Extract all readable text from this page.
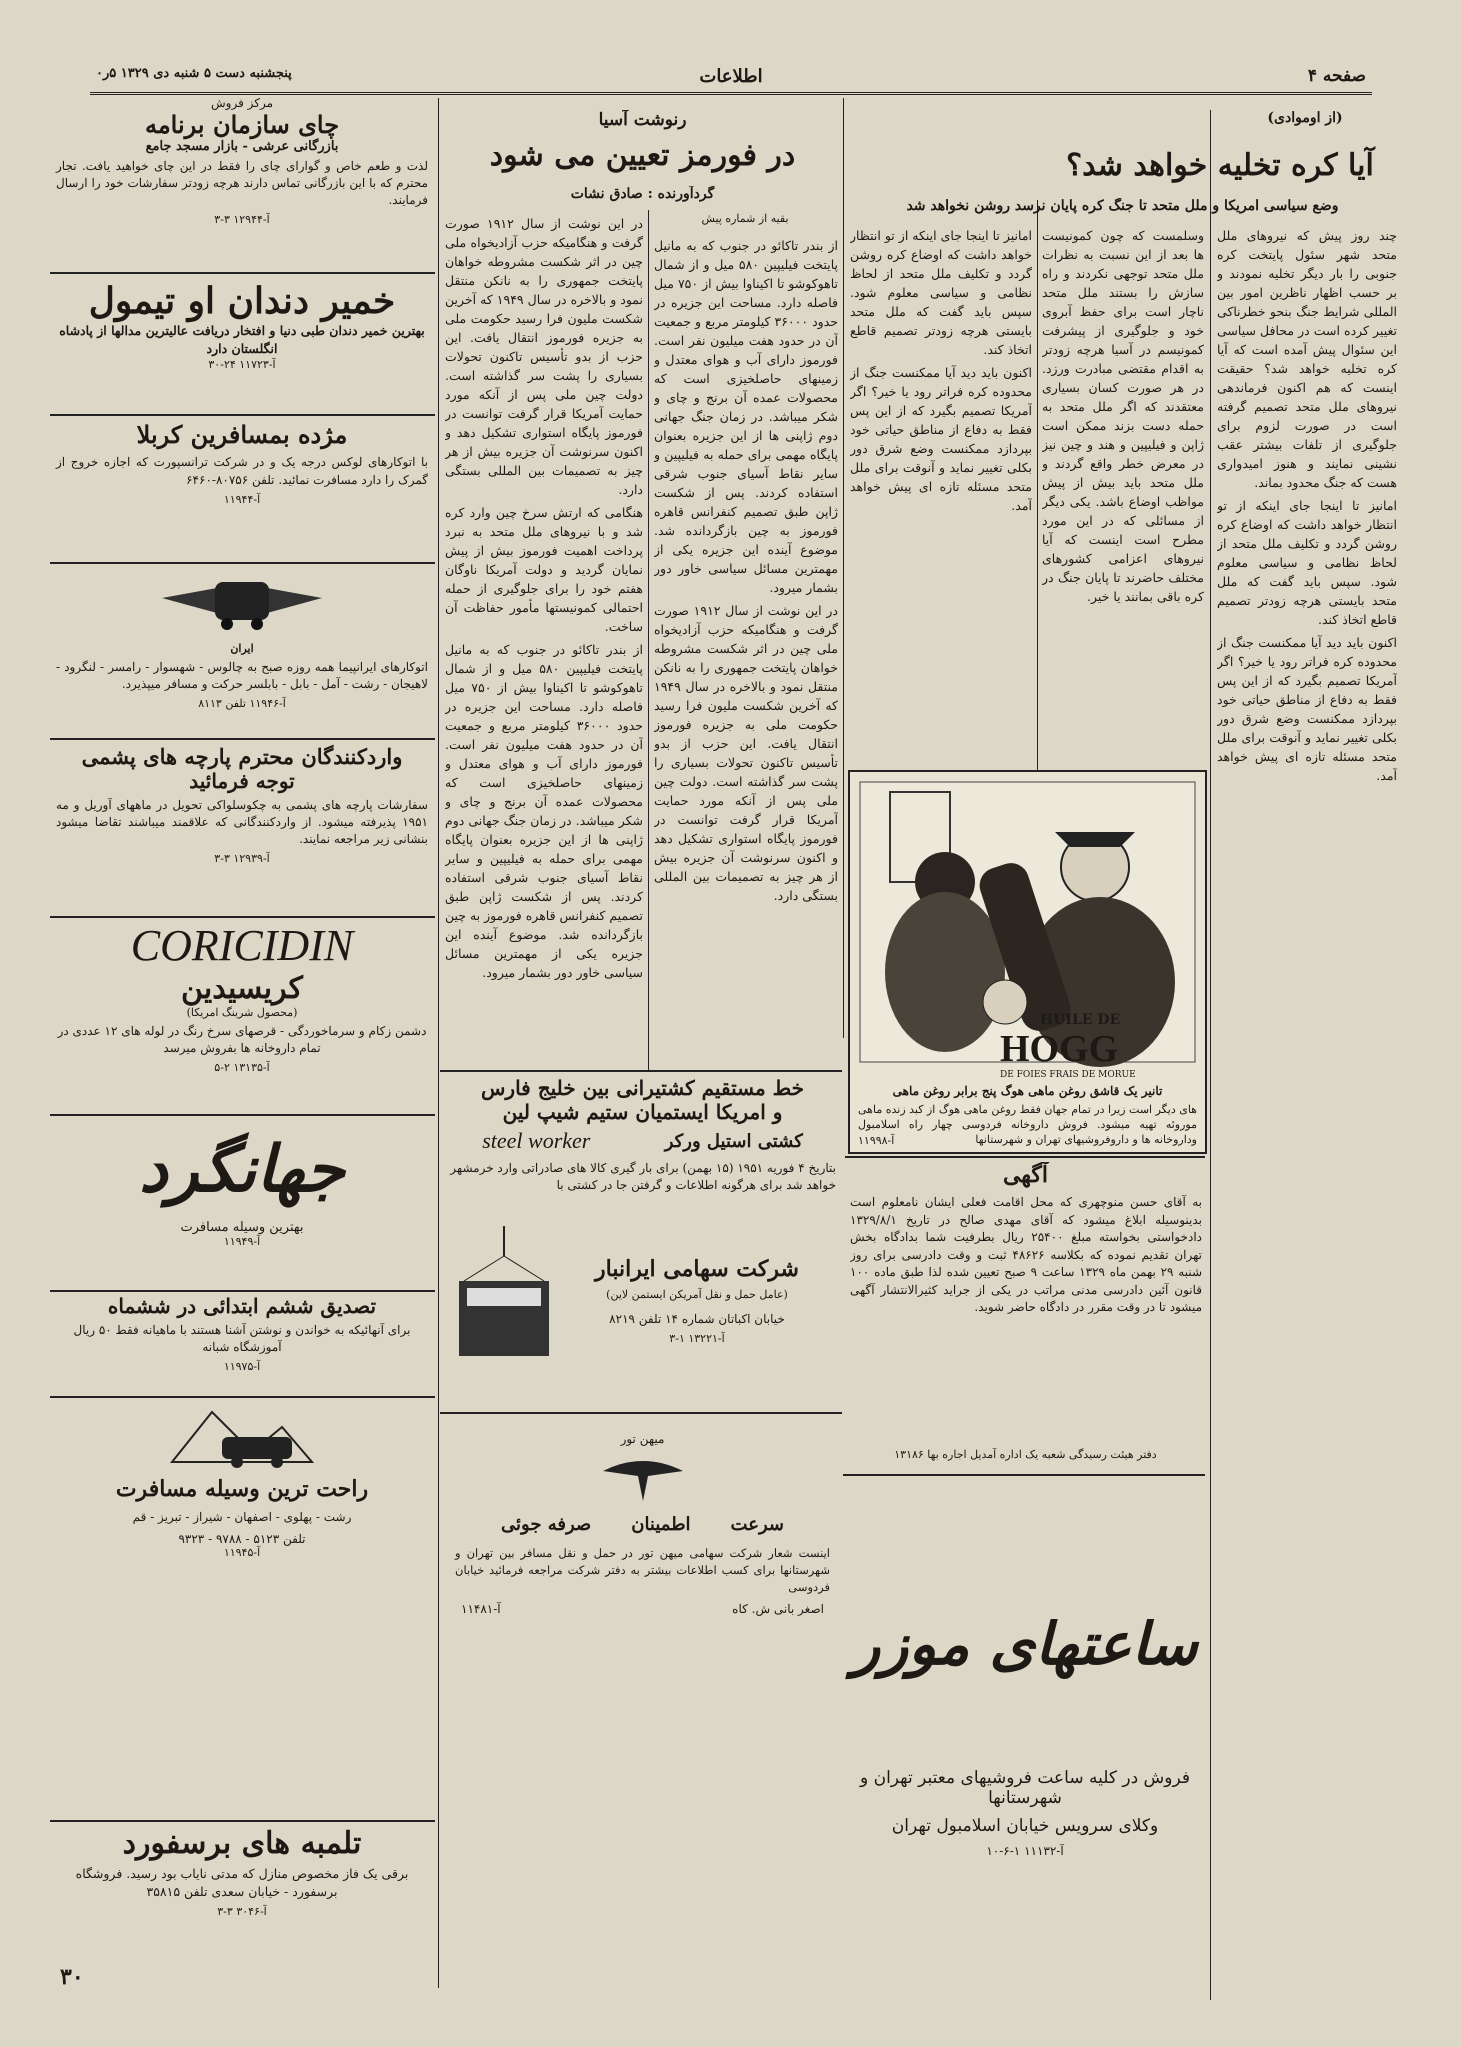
صفحه ۴
اطلاعات
پنجشنبه دست ۵ شنبه دی ۱۳۲۹ ۵ر۰
(از اوموادی)
آیا کره تخلیه خواهد شد؟
وضع سیاسی امریکا و ملل متحد تا جنگ کره پایان نرسد روشن نخواهد شد

چند روز پیش که نیروهای ملل متحد شهر سئول پایتخت کره جنوبی را بار دیگر تخلیه نمودند و بر حسب اظهار ناظرین امور بین المللی شرایط جنگ بنحو خطرناکی تغییر کرده است در محافل سیاسی این سئوال پیش آمده است که آیا کره تخلیه خواهد شد؟ حقیقت اینست که هم اکنون فرماندهی نیروهای ملل متحد تصمیم گرفته است در صورت لزوم برای جلوگیری از تلفات بیشتر عقب نشینی نمایند و هنوز امیدواری هست که جنگ محدود بماند.

امانیز تا اینجا جای اینکه از تو انتظار خواهد داشت که اوضاع کره روشن گردد و تکلیف ملل متحد از لحاظ نظامی و سیاسی معلوم شود. سپس باید گفت که ملل متحد بایستی هرچه زودتر تصمیم قاطع اتخاذ کند.

اکنون باید دید آیا ممکنست جنگ از محدوده کره فراتر رود یا خیر؟ اگر آمریکا تصمیم بگیرد که از این پس فقط به دفاع از مناطق حیاتی خود بپردازد ممکنست وضع شرق دور بکلی تغییر نماید و آنوقت برای ملل متحد مسئله تازه ای پیش خواهد آمد.

وسلمست که چون کمونیست ها بعد از این نسبت به نظرات ملل متحد توجهی نکردند و راه سازش را بستند ملل متحد ناچار است برای حفظ آبروی خود و جلوگیری از پیشرفت کمونیسم در آسیا هرچه زودتر به اقدام مقتضی مبادرت ورزد. در هر صورت کسان بسیاری معتقدند که اگر ملل متحد به حمله دست بزند ممکن است ژاپن و فیلیپین و هند و چین نیز در معرض خطر واقع گردند و ملل متحد باید بیش از پیش مواظب اوضاع باشد. یکی دیگر از مسائلی که در این مورد مطرح است اینست که آیا نیروهای اعزامی کشورهای مختلف حاضرند تا پایان جنگ در کره باقی بمانند یا خیر.

امانیز تا اینجا جای اینکه از تو انتظار خواهد داشت که اوضاع کره روشن گردد و تکلیف ملل متحد از لحاظ نظامی و سیاسی معلوم شود. سپس باید گفت که ملل متحد بایستی هرچه زودتر تصمیم قاطع اتخاذ کند.

اکنون باید دید آیا ممکنست جنگ از محدوده کره فراتر رود یا خیر؟ اگر آمریکا تصمیم بگیرد که از این پس فقط به دفاع از مناطق حیاتی خود بپردازد ممکنست وضع شرق دور بکلی تغییر نماید و آنوقت برای ملل متحد مسئله تازه ای پیش خواهد آمد.

HUILE DE
HOGG
DE FOIES FRAIS DE MORUE
تانیر یک قاشق روغن ماهی هوگ پنج برابر روغن ماهی
های دیگر است زیرا در تمام جهان فقط روغن ماهی هوگ از کبد زنده ماهی موروئه تهیه میشود. فروش داروخانه فردوسی چهار راه اسلامبول وداروخانه ها و داروفروشیهای تهران و شهرستانها
آ-۱۱۹۹۸
آگهی
به آقای حسن منوچهری که محل اقامت فعلی ایشان نامعلوم است بدینوسیله ابلاغ میشود که آقای مهدی صالح در تاریخ ۱۳۲۹/۸/۱ دادخواستی بخواسته مبلغ ۲۵۴۰۰ ریال بطرفیت شما بدادگاه بخش تهران تقدیم نموده که بکلاسه ۴۸۶۲۶ ثبت و وقت دادرسی برای روز شنبه ۲۹ بهمن ماه ۱۳۲۹ ساعت ۹ صبح تعیین شده لذا طبق ماده ۱۰۰ قانون آئین دادرسی مدنی مراتب در یکی از جراید کثیرالانتشار آگهی میشود تا در وقت مقرر در دادگاه حاضر شوید.
دفتر هیئت رسیدگی شعبه یک اداره آمدیل اجاره بها ۱۳۱۸۶
ساعتهای موزر
فروش در کلیه ساعت فروشیهای معتبر تهران و شهرستانها
وکلای سرویس خیابان اسلامبول تهران
آ-۱۱۱۳۲ ۱-۶-۱۰
رنوشت آسیا
در فورمز تعیین می شود
گردآورنده : صادق نشات
بقیه از شماره پیش

در این نوشت از سال ۱۹۱۲ صورت گرفت و هنگامیکه حزب آزادیخواه ملی چین در اثر شکست مشروطه خواهان پایتخت جمهوری را به نانکن منتقل نمود و بالاخره در سال ۱۹۴۹ که آخرین شکست ملیون فرا رسید حکومت ملی به جزیره فورموز انتقال یافت. این حزب از بدو تأسیس تاکنون تحولات بسیاری را پشت سر گذاشته است. دولت چین ملی پس از آنکه مورد حمایت آمریکا قرار گرفت توانست در فورموز پایگاه استواری تشکیل دهد و اکنون سرنوشت آن جزیره بیش از هر چیز به تصمیمات بین المللی بستگی دارد.

هنگامی که ارتش سرخ چین وارد کره شد و با نیروهای ملل متحد به نبرد پرداخت اهمیت فورموز بیش از پیش نمایان گردید و دولت آمریکا ناوگان هفتم خود را برای جلوگیری از حمله احتمالی کمونیستها مأمور حفاظت آن ساخت.

از بندر تاکائو در جنوب که به مانیل پایتخت فیلیپین ۵۸۰ میل و از شمال تاهوکوشو تا اکیناوا بیش از ۷۵۰ میل فاصله دارد. مساحت این جزیره در حدود ۳۶۰۰۰ کیلومتر مربع و جمعیت آن در حدود هفت میلیون نفر است. فورموز دارای آب و هوای معتدل و زمینهای حاصلخیزی است که محصولات عمده آن برنج و چای و شکر میباشد. در زمان جنگ جهانی دوم ژاپنی ها از این جزیره بعنوان پایگاه مهمی برای حمله به فیلیپین و سایر نقاط آسیای جنوب شرقی استفاده کردند. پس از شکست ژاپن طبق تصمیم کنفرانس قاهره فورموز به چین بازگردانده شد. موضوع آینده این جزیره یکی از مهمترین مسائل سیاسی خاور دور بشمار میرود.

از بندر تاکائو در جنوب که به مانیل پایتخت فیلیپین ۵۸۰ میل و از شمال تاهوکوشو تا اکیناوا بیش از ۷۵۰ میل فاصله دارد. مساحت این جزیره در حدود ۳۶۰۰۰ کیلومتر مربع و جمعیت آن در حدود هفت میلیون نفر است. فورموز دارای آب و هوای معتدل و زمینهای حاصلخیزی است که محصولات عمده آن برنج و چای و شکر میباشد. در زمان جنگ جهانی دوم ژاپنی ها از این جزیره بعنوان پایگاه مهمی برای حمله به فیلیپین و سایر نقاط آسیای جنوب شرقی استفاده کردند. پس از شکست ژاپن طبق تصمیم کنفرانس قاهره فورموز به چین بازگردانده شد. موضوع آینده این جزیره یکی از مهمترین مسائل سیاسی خاور دور بشمار میرود.

در این نوشت از سال ۱۹۱۲ صورت گرفت و هنگامیکه حزب آزادیخواه ملی چین در اثر شکست مشروطه خواهان پایتخت جمهوری را به نانکن منتقل نمود و بالاخره در سال ۱۹۴۹ که آخرین شکست ملیون فرا رسید حکومت ملی به جزیره فورموز انتقال یافت. این حزب از بدو تأسیس تاکنون تحولات بسیاری را پشت سر گذاشته است. دولت چین ملی پس از آنکه مورد حمایت آمریکا قرار گرفت توانست در فورموز پایگاه استواری تشکیل دهد و اکنون سرنوشت آن جزیره بیش از هر چیز به تصمیمات بین المللی بستگی دارد.

خط مستقیم کشتیرانی بین خلیج فارس
و امریکا ایستمیان ستیم شیپ لین
کشتی استیل ورکر
steel worker
بتاریخ ۴ فوریه ۱۹۵۱ (۱۵ بهمن) برای بار گیری کالا های صادراتی وارد خرمشهر خواهد شد برای هرگونه اطلاعات و گرفتن جا در کشتی با
شرکت سهامی ایرانبار
(عامل حمل و نقل آمریکن ایستمن لاین)
خیابان اکباتان شماره ۱۴ تلفن ۸۲۱۹
آ-۱۳۲۲۱ ۱-۳
میهن تور
سرعت
اطمینان
صرفه جوئی
اینست شعار شرکت سهامی میهن تور در حمل و نقل مسافر بین تهران و شهرستانها برای کسب اطلاعات بیشتر به دفتر شرکت مراجعه فرمائید خیابان فردوسی
اصغر بانی ش. کاه
آ-۱۱۴۸۱
مرکز فروش
چای سازمان برنامه
بازرگانی عرشی - بازار مسجد جامع
لذت و طعم خاص و گوارای چای را فقط در این چای خواهید یافت. تجار محترم که با این بازرگانی تماس دارند هرچه زودتر سفارشات خود را ارسال فرمایند.
آ-۱۲۹۴۴ ۳-۳
خمیر دندان او تیمول
بهترین خمیر دندان طبی دنیا و افتخار دریافت عالیترین مدالها از پادشاه انگلستان دارد
آ-۱۱۷۲۳ ۲۴-۳۰
مژده بمسافرین کربلا
با اتوکارهای لوکس درجه یک و در شرکت ترانسپورت که اجازه خروج از گمرک را دارد مسافرت نمائید. تلفن ۸۰۷۵۶-۶۴۶۰
آ-۱۱۹۴۴
ایران
اتوکارهای ایرانپیما همه روزه صبح به چالوس - شهسوار - رامسر - لنگرود - لاهیجان - رشت - آمل - بابل - بابلسر حرکت و مسافر میپذیرد.
آ-۱۱۹۴۶ تلفن ۸۱۱۳
واردکنندگان محترم پارچه های پشمی
توجه فرمائید
سفارشات پارچه های پشمی به چکوسلواکی تحویل در ماههای آوریل و مه ۱۹۵۱ پذیرفته میشود. از واردکنندگانی که علاقمند میباشند تقاضا میشود بنشانی زیر مراجعه نمایند.
آ-۱۲۹۳۹ ۳-۳
CORICIDIN
کریسیدین
(محصول شرینگ امریکا)
دشمن زکام و سرماخوردگی - قرصهای سرخ رنگ در لوله های ۱۲ عددی در تمام داروخانه ها بفروش میرسد
آ-۱۳۱۳۵ ۲-۵
جهانگرد
بهترین وسیله مسافرت
آ-۱۱۹۴۹
تصدیق ششم ابتدائی در ششماه
برای آنهائیکه به خواندن و نوشتن آشنا هستند با ماهیانه فقط ۵۰ ریال آموزشگاه شبانه
آ-۱۱۹۷۵
راحت ترین وسیله مسافرت
رشت - پهلوی - اصفهان - شیراز - تبریز - قم
تلفن ۵۱۲۳ - ۹۷۸۸ - ۹۳۲۳
آ-۱۱۹۴۵
تلمبه های برسفورد
برقی یک فاز مخصوص منازل که مدتی نایاب بود رسید. فروشگاه برسفورد - خیابان سعدی تلفن ۳۵۸۱۵
آ-۳۰۴۶ ۳-۳
۳۰
